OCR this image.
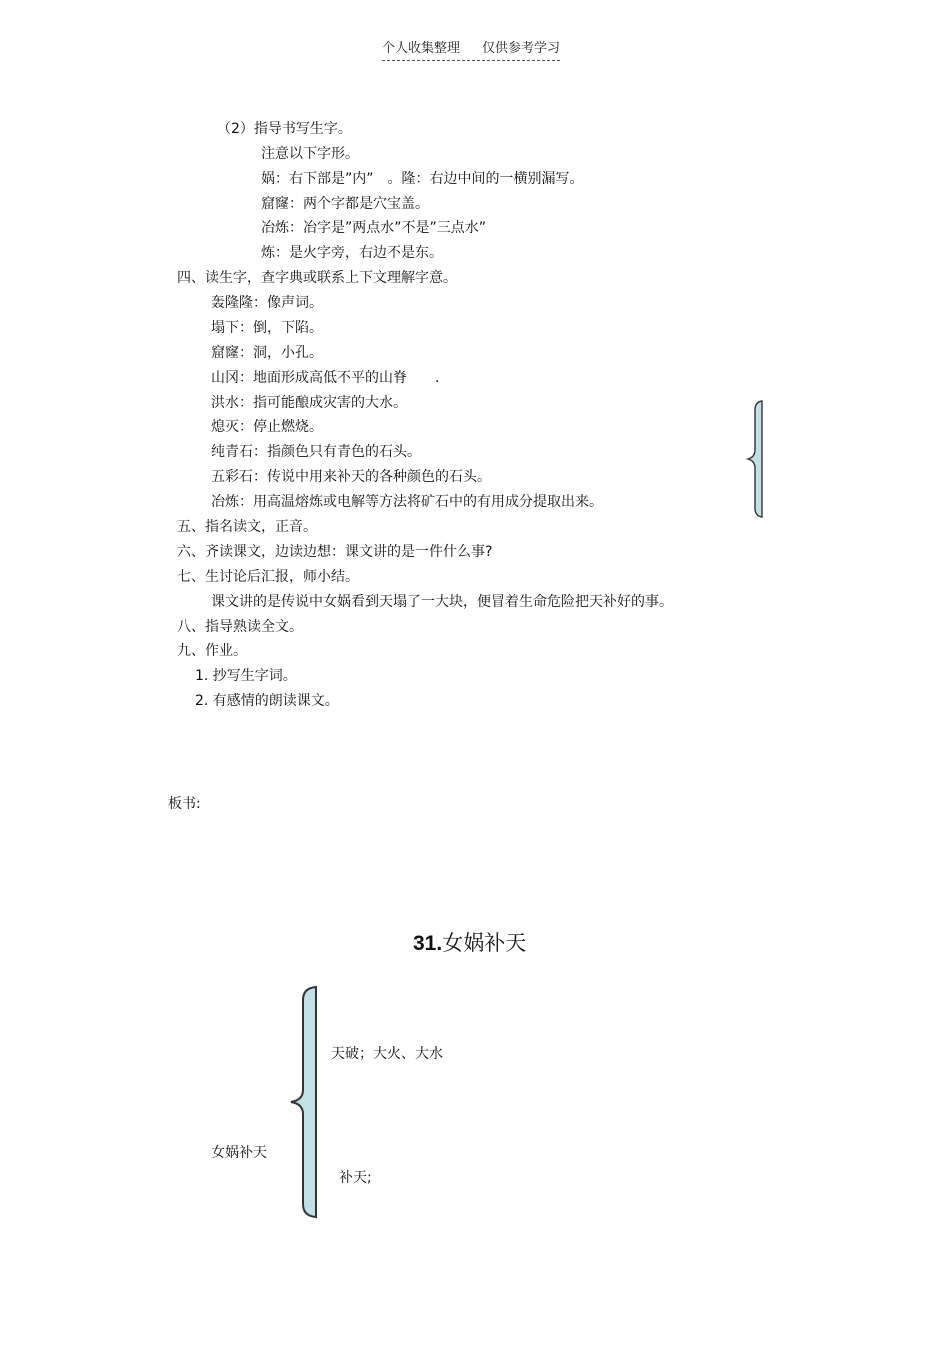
个人收集整理 仅供参考学习
（2）指导书写生字。
注意以下字形。
娲：右下部是”内”　。隆：右边中间的一横别漏写。
窟窿：两个字都是穴宝盖。
冶炼：冶字是”两点水”不是”三点水”
炼：是火字旁，右边不是东。
四、读生字，查字典或联系上下文理解字意。
轰隆隆：像声词。
塌下：倒，下陷。
窟窿：洞，小孔。
山冈：地面形成高低不平的山脊　　.
洪水：指可能酿成灾害的大水。
熄灭：停止燃烧。
纯青石：指颜色只有青色的石头。
五彩石：传说中用来补天的各种颜色的石头。
冶炼：用高温熔炼或电解等方法将矿石中的有用成分提取出来。
五、指名读文，正音。
六、齐读课文，边读边想：课文讲的是一件什么事?
七、生讨论后汇报，师小结。
课文讲的是传说中女娲看到天塌了一大块，便冒着生命危险把天补好的事。
八、指导熟读全文。
九、作业。
1. 抄写生字词。
2. 有感情的朗读课文。
板书:
31.女娲补天
天破；大火、大水
女娲补天
补天;
